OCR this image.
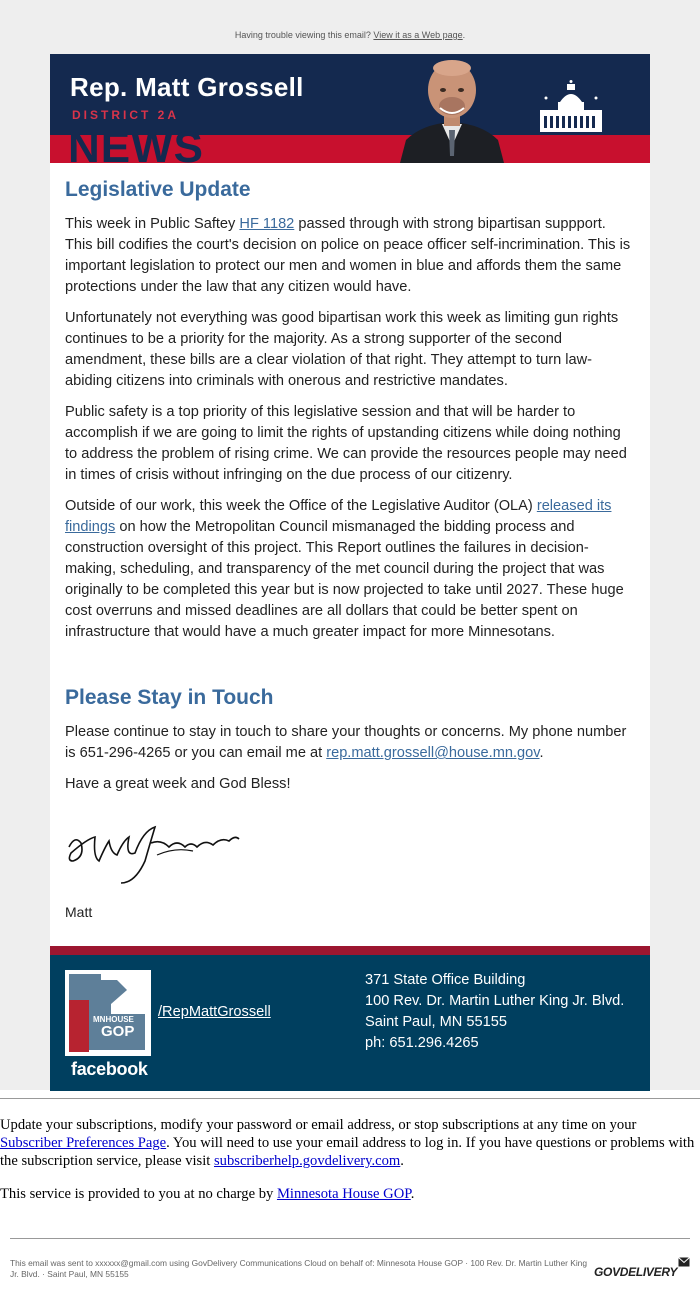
Having trouble viewing this email? View it as a Web page.
NEWS
Rep. Matt Grossell
DISTRICT 2A
Legislative Update

This week in Public Saftey HF 1182 passed through with strong bipartisan suppport. This bill codifies the court's decision on police on peace officer self-incrimination. This is important legislation to protect our men and women in blue and affords them the same protections under the law that any citizen would have.

Unfortunately not everything was good bipartisan work this week as limiting gun rights continues to be a priority for the majority. As a strong supporter of the second amendment, these bills are a clear violation of that right. They attempt to turn law-abiding citizens into criminals with onerous and restrictive mandates.

Public safety is a top priority of this legislative session and that will be harder to accomplish if we are going to limit the rights of upstanding citizens while doing nothing to address the problem of rising crime. We can provide the resources people may need in times of crisis without infringing on the due process of our citizenry.

Outside of our work, this week the Office of the Legislative Auditor (OLA) released its findings on how the Metropolitan Council mismanaged the bidding process and construction oversight of this project. This Report outlines the failures in decision-making, scheduling, and transparency of the met council during the project that was originally to be completed this year but is now projected to take until 2027. These huge cost overruns and missed deadlines are all dollars that could be better spent on infrastructure that would have a much greater impact for more Minnesotans.

Please Stay in Touch

Please continue to stay in touch to share your thoughts or concerns. My phone number is 651-296-4265 or you can email me at rep.matt.grossell@house.mn.gov.

Have a great week and God Bless!

Matt
MNHOUSE
GOP
facebook
/RepMattGrossell
371 State Office Building
100 Rev. Dr. Martin Luther King Jr. Blvd.
Saint Paul, MN 55155
ph: 651.296.4265

Update your subscriptions, modify your password or email address, or stop subscriptions at any time on your Subscriber Preferences Page. You will need to use your email address to log in. If you have questions or problems with the subscription service, please visit subscriberhelp.govdelivery.com.

This service is provided to you at no charge by Minnesota House GOP.

This email was sent to xxxxxx@gmail.com using GovDelivery Communications Cloud on behalf of: Minnesota House GOP · 100 Rev. Dr. Martin Luther King Jr. Blvd. · Saint Paul, MN 55155	GOVDELIVERY
